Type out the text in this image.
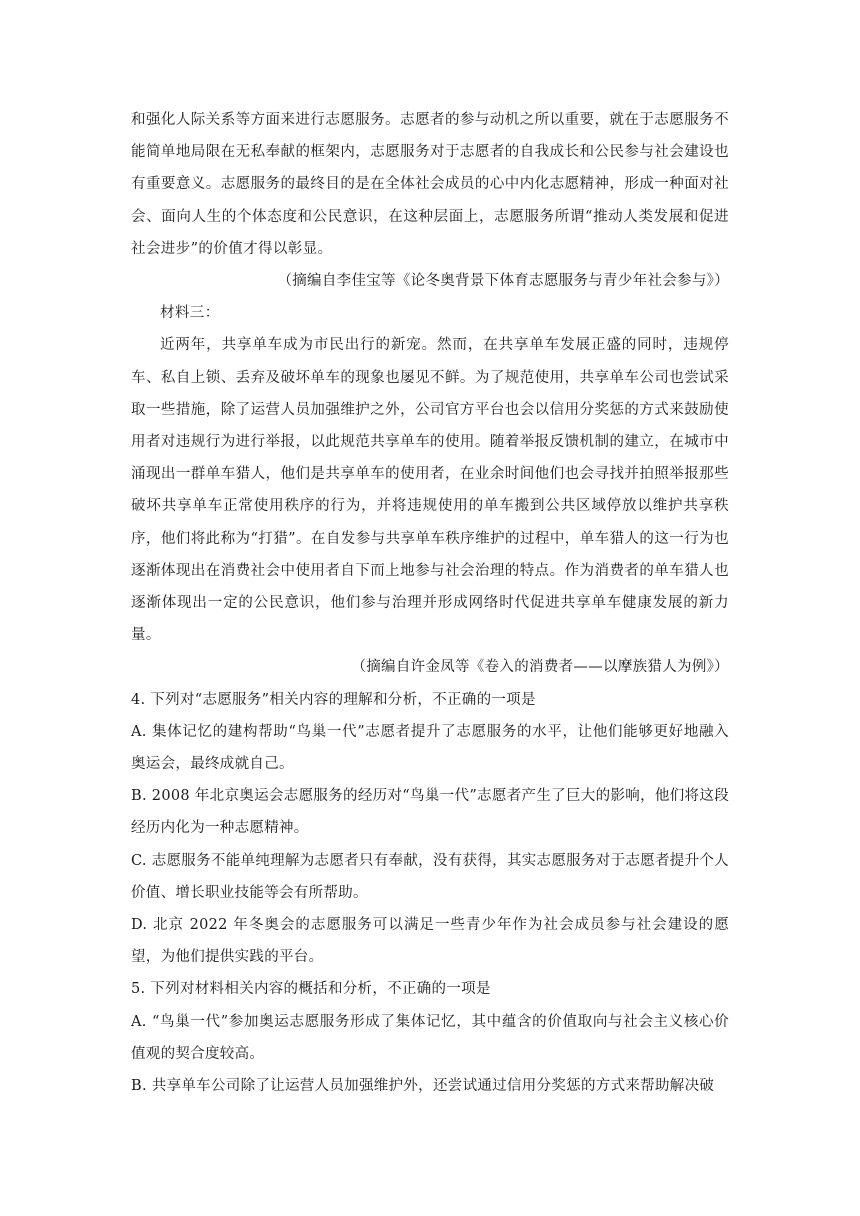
和强化人际关系等方面来进行志愿服务。志愿者的参与动机之所以重要，就在于志愿服务不能简单地局限在无私奉献的框架内，志愿服务对于志愿者的自我成长和公民参与社会建设也有重要意义。志愿服务的最终目的是在全体社会成员的心中内化志愿精神，形成一种面对社会、面向人生的个体态度和公民意识，在这种层面上，志愿服务所谓“推动人类发展和促进社会进步”的价值才得以彰显。

（摘编自李佳宝等《论冬奥背景下体育志愿服务与青少年社会参与》）

材料三：

近两年，共享单车成为市民出行的新宠。然而，在共享单车发展正盛的同时，违规停车、私自上锁、丢弃及破坏单车的现象也屡见不鲜。为了规范使用，共享单车公司也尝试采取一些措施，除了运营人员加强维护之外，公司官方平台也会以信用分奖惩的方式来鼓励使用者对违规行为进行举报，以此规范共享单车的使用。随着举报反馈机制的建立，在城市中涌现出一群单车猎人，他们是共享单车的使用者，在业余时间他们也会寻找并拍照举报那些破坏共享单车正常使用秩序的行为，并将违规使用的单车搬到公共区域停放以维护共享秩序，他们将此称为“打猎”。在自发参与共享单车秩序维护的过程中，单车猎人的这一行为也逐渐体现出在消费社会中使用者自下而上地参与社会治理的特点。作为消费者的单车猎人也逐渐体现出一定的公民意识，他们参与治理并形成网络时代促进共享单车健康发展的新力量。

（摘编自许金凤等《卷入的消费者——以摩族猎人为例》）

4. 下列对“志愿服务”相关内容的理解和分析，不正确的一项是

A. 集体记忆的建构帮助“鸟巢一代”志愿者提升了志愿服务的水平，让他们能够更好地融入奥运会，最终成就自己。

B. 2008 年北京奥运会志愿服务的经历对“鸟巢一代”志愿者产生了巨大的影响，他们将这段经历内化为一种志愿精神。

C. 志愿服务不能单纯理解为志愿者只有奉献，没有获得，其实志愿服务对于志愿者提升个人价值、增长职业技能等会有所帮助。

D. 北京 2022 年冬奥会的志愿服务可以满足一些青少年作为社会成员参与社会建设的愿望，为他们提供实践的平台。

5. 下列对材料相关内容的概括和分析，不正确的一项是

A. “鸟巢一代”参加奥运志愿服务形成了集体记忆，其中蕴含的价值取向与社会主义核心价值观的契合度较高。

B. 共享单车公司除了让运营人员加强维护外，还尝试通过信用分奖惩的方式来帮助解决破
